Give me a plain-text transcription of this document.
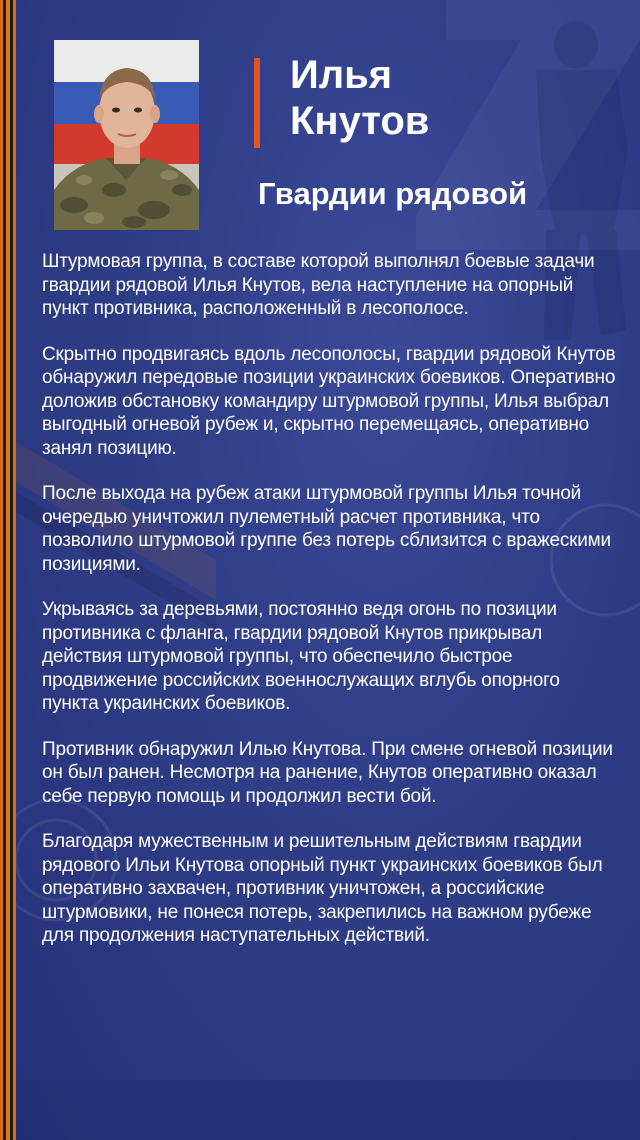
Илья
Кнутов
Гвардии рядовой

Штурмовая группа, в составе которой выполнял боевые задачи гвардии рядовой Илья Кнутов, вела наступление на опорный пункт противника, расположенный в лесополосе.

Скрытно продвигаясь вдоль лесополосы, гвардии рядовой Кнутов обнаружил передовые позиции украинских боевиков. Оперативно доложив обстановку командиру штурмовой группы, Илья выбрал выгодный огневой рубеж и, скрытно перемещаясь, оперативно занял позицию.

После выхода на рубеж атаки штурмовой группы Илья точной очередью уничтожил пулеметный расчет противника, что позволило штурмовой группе без потерь сблизится с вражескими позициями.

Укрываясь за деревьями, постоянно ведя огонь по позиции противника с фланга, гвардии рядовой Кнутов прикрывал действия штурмовой группы, что обеспечило быстрое продвижение российских военнослужащих вглубь опорного пункта украинских боевиков.

Противник обнаружил Илью Кнутова. При смене огневой позиции он был ранен. Несмотря на ранение, Кнутов оперативно оказал себе первую помощь и продолжил вести бой.

Благодаря мужественным и решительным действиям гвардии рядового Ильи Кнутова опорный пункт украинских боевиков был оперативно захвачен, противник уничтожен, а российские штурмовики, не понеся потерь, закрепились на важном рубеже для продолжения наступательных действий.
